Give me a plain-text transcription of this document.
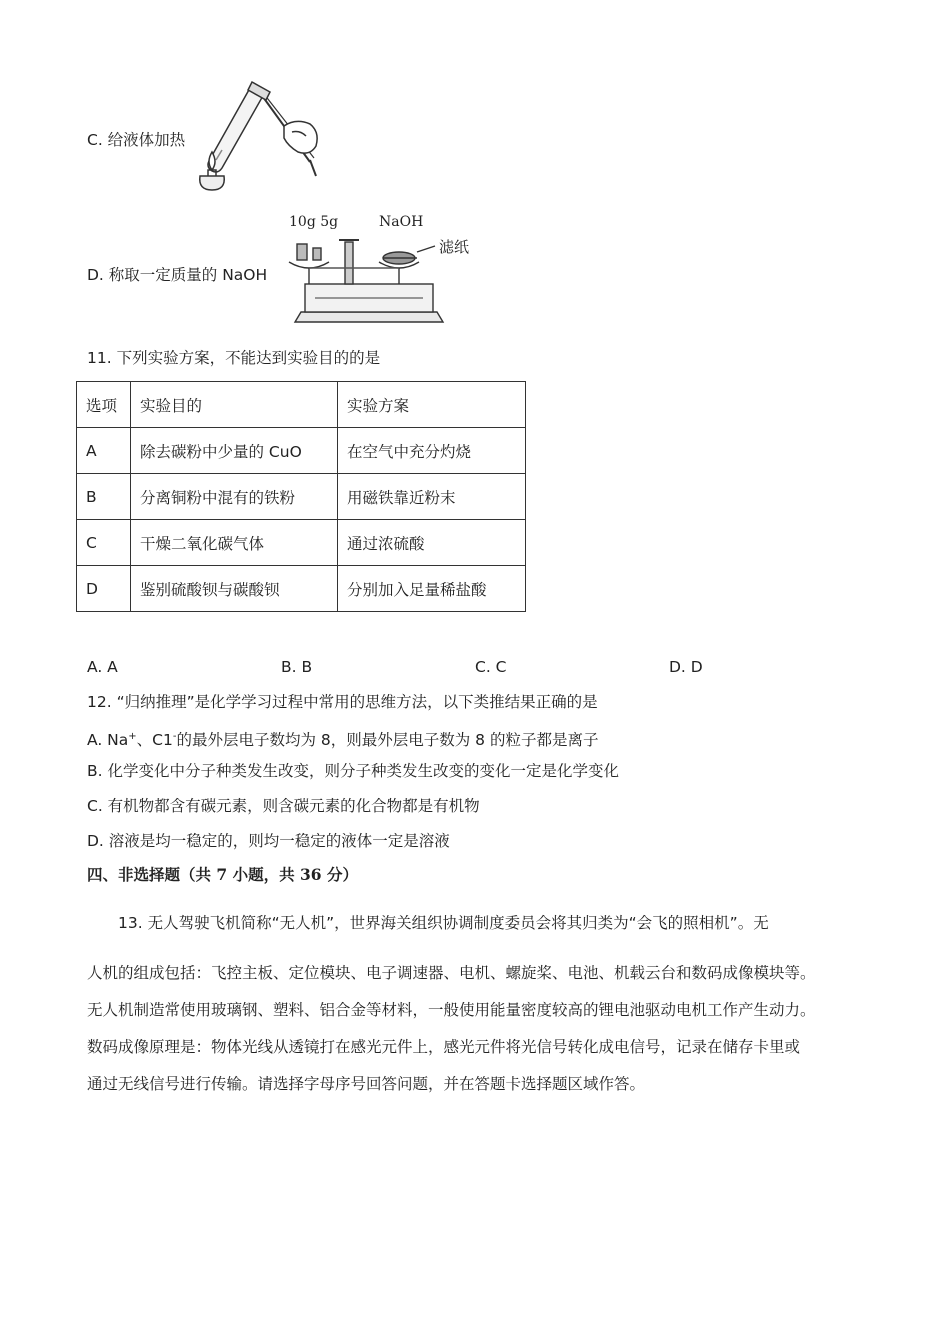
C. 给液体加热
D. 称取一定质量的 NaOH
10g 5g	NaOH
滤纸
11. 下列实验方案，不能达到实验目的的是
选项	实验目的	实验方案
A	除去碳粉中少量的 CuO	在空气中充分灼烧
B	分离铜粉中混有的铁粉	用磁铁靠近粉末
C	干燥二氧化碳气体	通过浓硫酸
D	鉴别硫酸钡与碳酸钡	分别加入足量稀盐酸
A. A	B. B	C. C	D. D
12. “归纳推理”是化学学习过程中常用的思维方法，以下类推结果正确的是
A. Na+、C1-的最外层电子数均为 8，则最外层电子数为 8 的粒子都是离子
B. 化学变化中分子种类发生改变，则分子种类发生改变的变化一定是化学变化
C. 有机物都含有碳元素，则含碳元素的化合物都是有机物
D. 溶液是均一稳定的，则均一稳定的液体一定是溶液
四、非选择题（共 7 小题，共 36 分）
13. 无人驾驶飞机简称“无人机”，世界海关组织协调制度委员会将其归类为“会飞的照相机”。无
人机的组成包括：飞控主板、定位模块、电子调速器、电机、螺旋桨、电池、机载云台和数码成像模块等。
无人机制造常使用玻璃钢、塑料、铝合金等材料，一般使用能量密度较高的锂电池驱动电机工作产生动力。
数码成像原理是：物体光线从透镜打在感光元件上，感光元件将光信号转化成电信号，记录在储存卡里或
通过无线信号进行传输。请选择字母序号回答问题，并在答题卡选择题区域作答。
